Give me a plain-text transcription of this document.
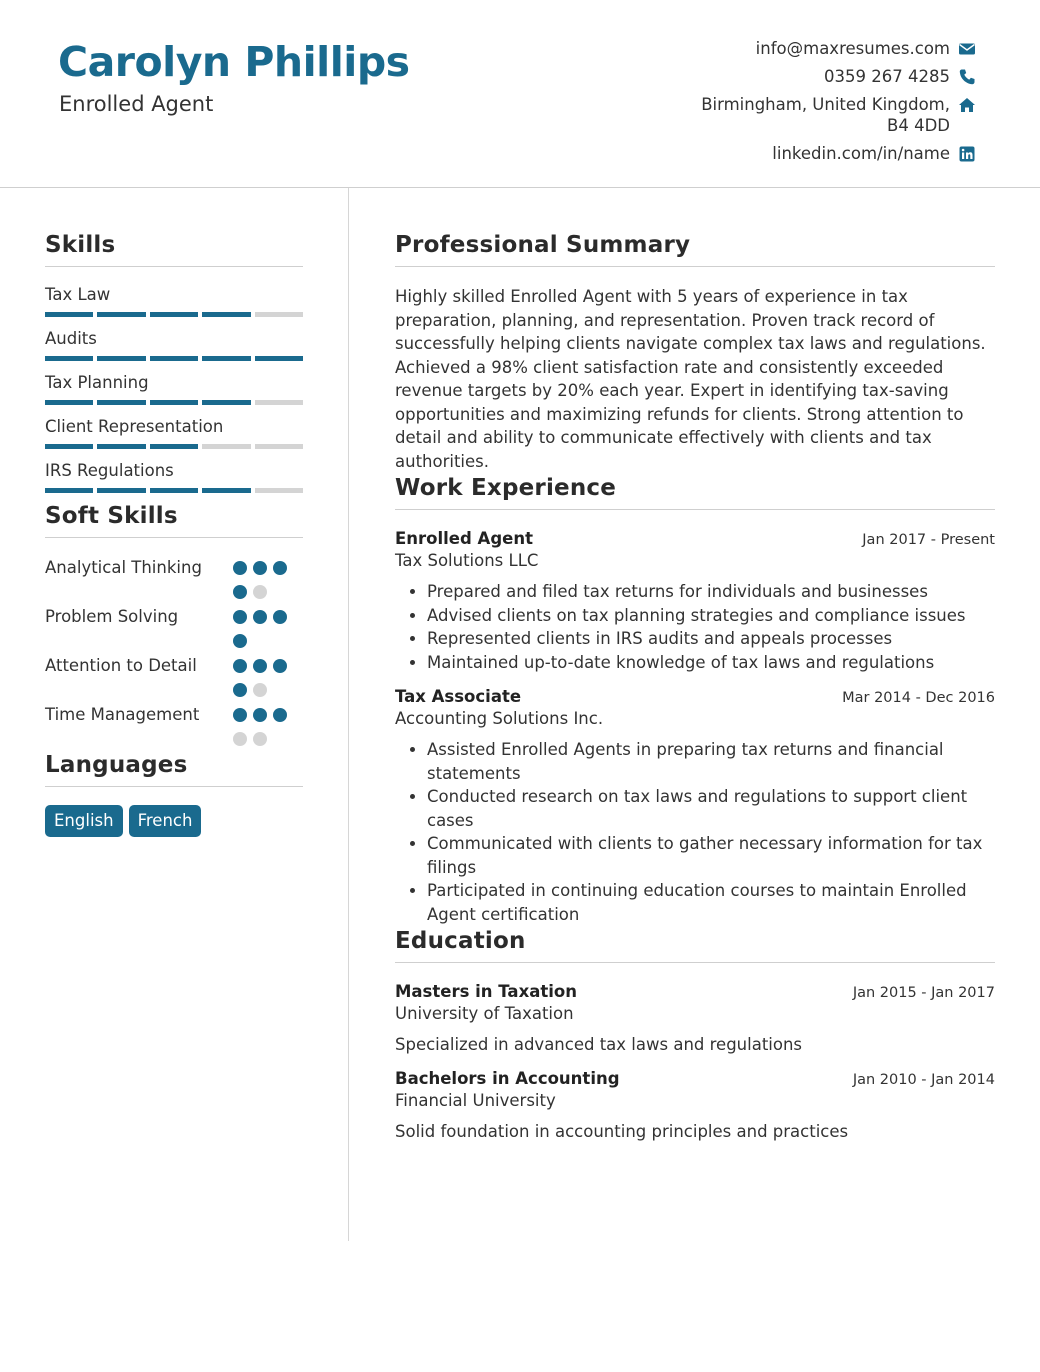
Carolyn Phillips
Enrolled Agent
info@maxresumes.com
0359 267 4285
Birmingham, United Kingdom, B4 4DD
linkedin.com/in/name
Skills
Tax Law
Audits
Tax Planning
Client Representation
IRS Regulations
Soft Skills
Analytical Thinking
Problem Solving
Attention to Detail
Time Management
Languages
English	French
Professional Summary

Highly skilled Enrolled Agent with 5 years of experience in tax preparation, planning, and representation. Proven track record of successfully helping clients navigate complex tax laws and regulations. Achieved a 98% client satisfaction rate and consistently exceeded revenue targets by 20% each year. Expert in identifying tax-saving opportunities and maximizing refunds for clients. Strong attention to detail and ability to communicate effectively with clients and tax authorities.

Work Experience
Enrolled Agent	Jan 2017 - Present
Tax Solutions LLC
• Prepared and filed tax returns for individuals and businesses
• Advised clients on tax planning strategies and compliance issues
• Represented clients in IRS audits and appeals processes
• Maintained up-to-date knowledge of tax laws and regulations
Tax Associate	Mar 2014 - Dec 2016
Accounting Solutions Inc.
• Assisted Enrolled Agents in preparing tax returns and financial statements
• Conducted research on tax laws and regulations to support client cases
• Communicated with clients to gather necessary information for tax filings
• Participated in continuing education courses to maintain Enrolled Agent certification
Education
Masters in Taxation	Jan 2015 - Jan 2017
University of Taxation
Specialized in advanced tax laws and regulations
Bachelors in Accounting	Jan 2010 - Jan 2014
Financial University
Solid foundation in accounting principles and practices
